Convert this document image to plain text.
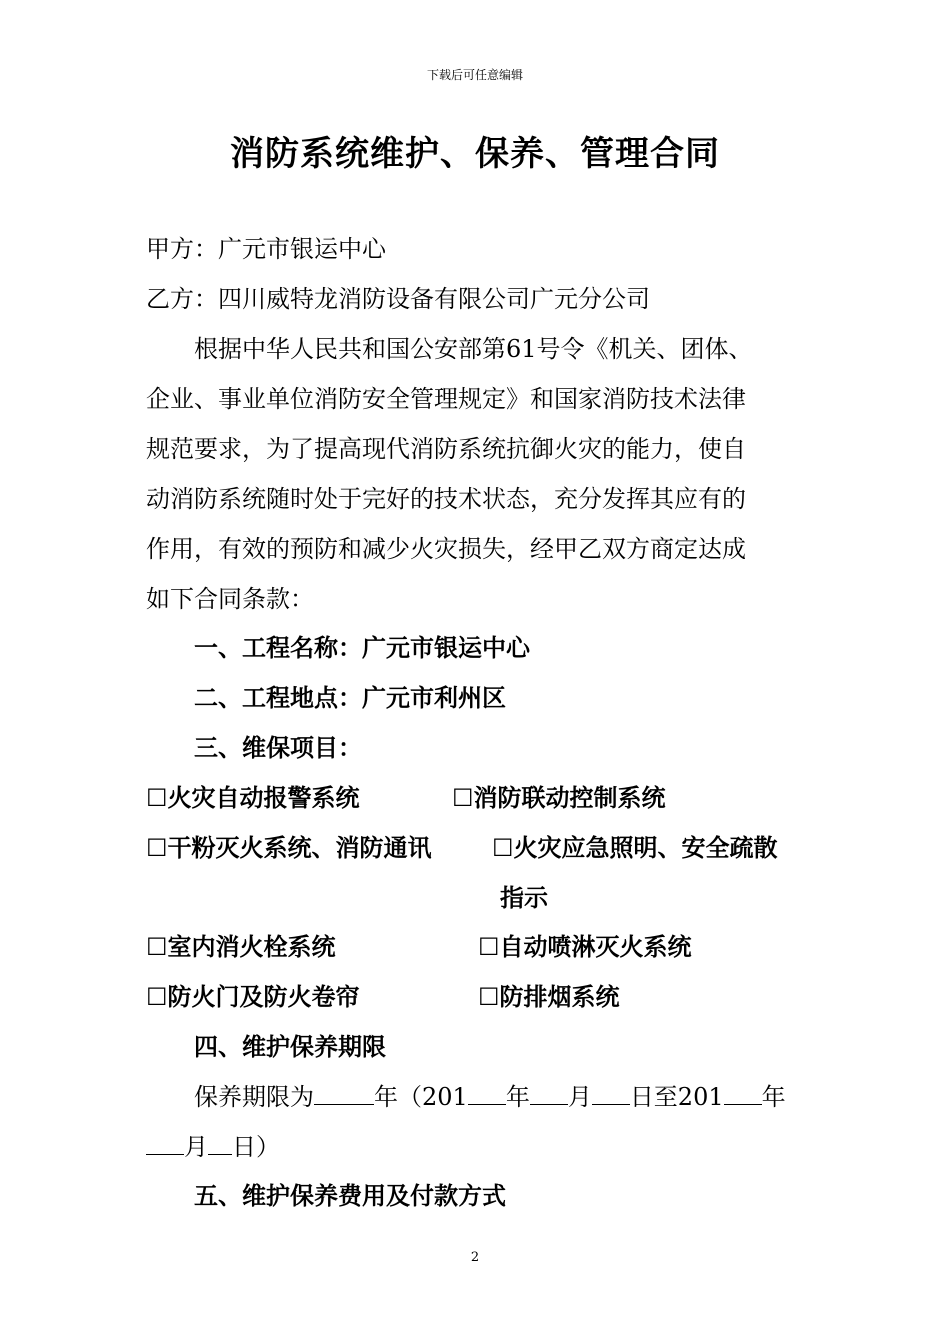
下载后可任意编辑
消防系统维护、保养、管理合同
甲方：广元市银运中心
乙方：四川威特龙消防设备有限公司广元分公司
根据中华人民共和国公安部第61号令《机关、团体、
企业、事业单位消防安全管理规定》和国家消防技术法律
规范要求，为了提高现代消防系统抗御火灾的能力，使自
动消防系统随时处于完好的技术状态，充分发挥其应有的
作用，有效的预防和减少火灾损失，经甲乙双方商定达成
如下合同条款：
一、工程名称：广元市银运中心
二、工程地点：广元市利州区
三、维保项目：
☐火灾自动报警系统	☐消防联动控制系统
☐干粉灭火系统、消防通讯	☐火灾应急照明、安全疏散
指示
☐室内消火栓系统	☐自动喷淋灭火系统
☐防火门及防火卷帘	☐防排烟系统
四、维护保养期限
保养期限为	年（201 年 月 日至201 年
月 日）
五、维护保养费用及付款方式
2
